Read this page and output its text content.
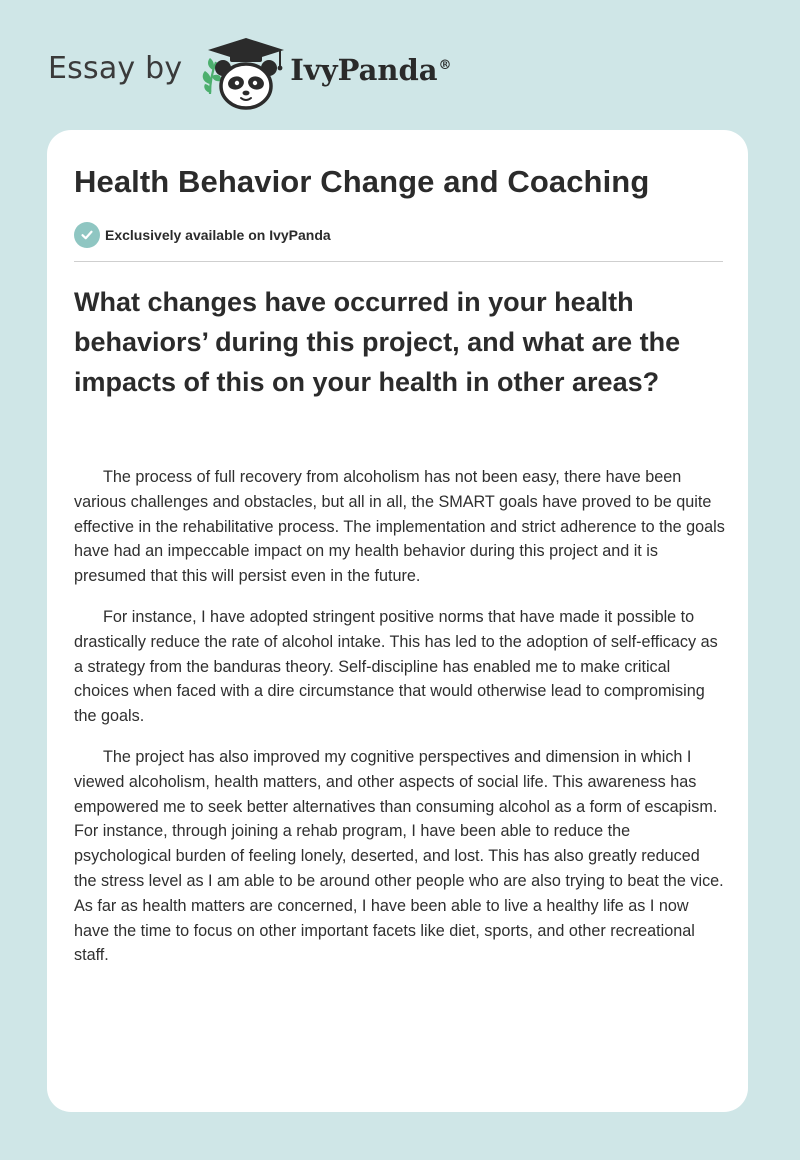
Essay by	IvyPanda®
Health Behavior Change and Coaching
Exclusively available on IvyPanda
What changes have occurred in your health behaviors’ during this project, and what are the impacts of this on your health in other areas?

The process of full recovery from alcoholism has not been easy, there have been various challenges and obstacles, but all in all, the SMART goals have proved to be quite effective in the rehabilitative process. The implementation and strict adherence to the goals have had an impeccable impact on my health behavior during this project and it is presumed that this will persist even in the future.

For instance, I have adopted stringent positive norms that have made it possible to drastically reduce the rate of alcohol intake. This has led to the adoption of self-efficacy as a strategy from the banduras theory. Self-discipline has enabled me to make critical choices when faced with a dire circumstance that would otherwise lead to compromising the goals.

The project has also improved my cognitive perspectives and dimension in which I viewed alcoholism, health matters, and other aspects of social life. This awareness has empowered me to seek better alternatives than consuming alcohol as a form of escapism. For instance, through joining a rehab program, I have been able to reduce the psychological burden of feeling lonely, deserted, and lost. This has also greatly reduced the stress level as I am able to be around other people who are also trying to beat the vice. As far as health matters are concerned, I have been able to live a healthy life as I now have the time to focus on other important facets like diet, sports, and other recreational staff.
